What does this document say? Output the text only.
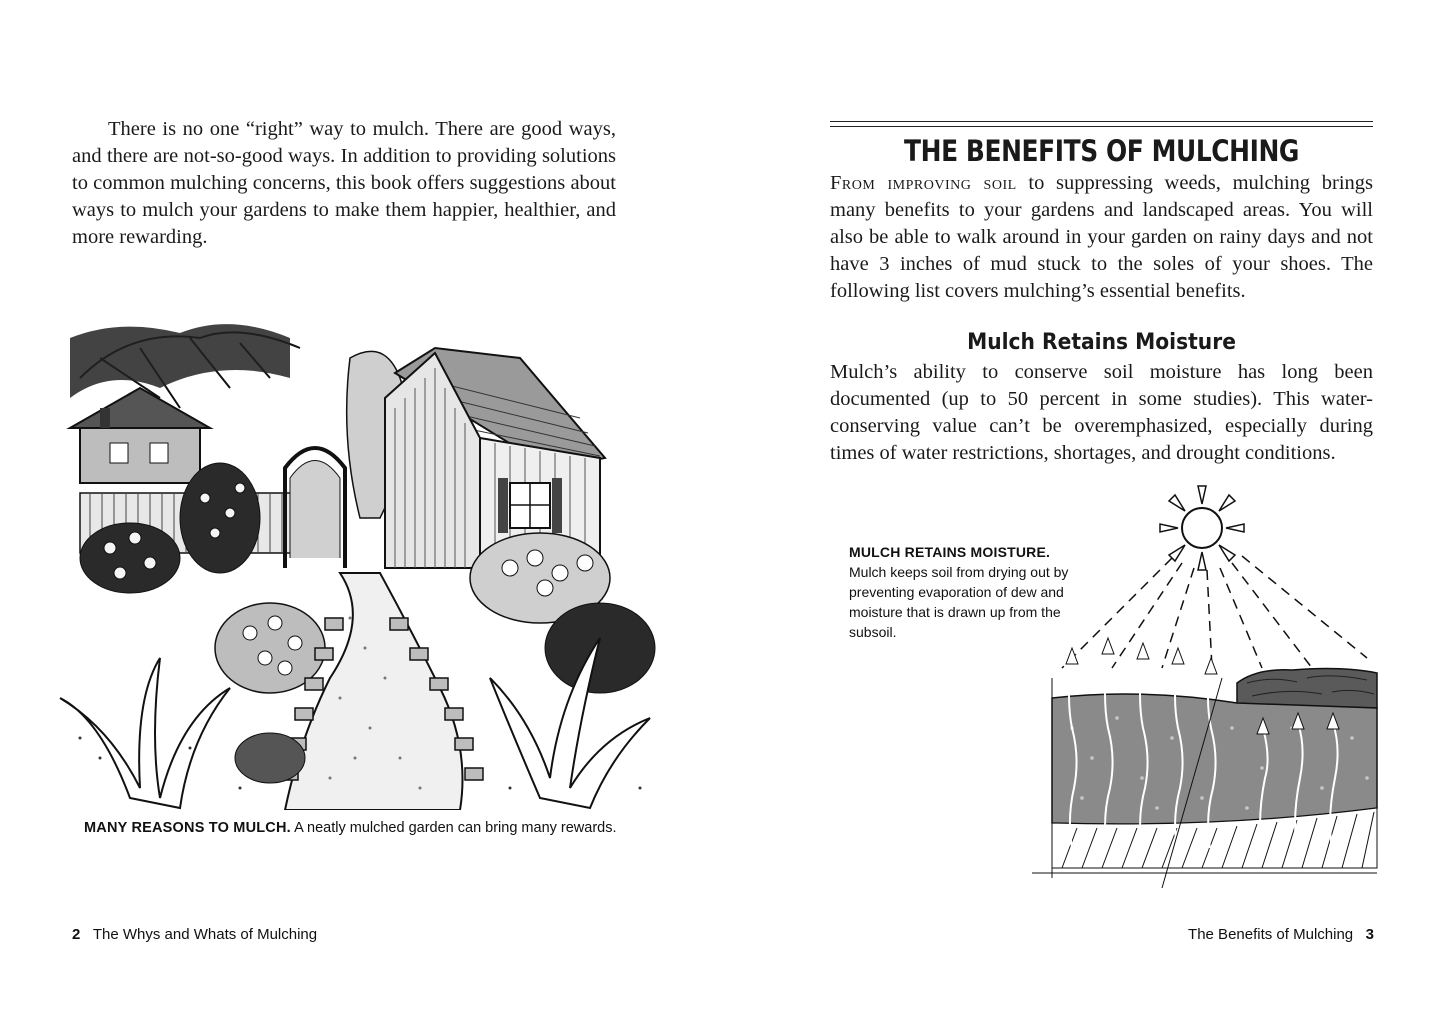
There is no one “right” way to mulch. There are good ways, and there are not-so-good ways. In addition to providing solutions to common mulching concerns, this book offers suggestions about ways to mulch your gardens to make them happier, healthier, and more rewarding.

MANY REASONS TO MULCH. A neatly mulched garden can bring many rewards.
2 The Whys and Whats of Mulching
THE BENEFITS OF MULCHING

From improving soil to suppressing weeds, mulching brings many benefits to your gardens and landscaped areas. You will also be able to walk around in your garden on rainy days and not have 3 inches of mud stuck to the soles of your shoes. The following list covers mulching’s essential benefits.

Mulch Retains Moisture

Mulch’s ability to conserve soil moisture has long been documented (up to 50 percent in some studies). This water-conserving value can’t be overemphasized, especially during times of water restrictions, shortages, and drought conditions.

MULCH RETAINS MOISTURE.
Mulch keeps soil from drying out by preventing evaporation of dew and moisture that is drawn up from the subsoil.
The Benefits of Mulching 3
